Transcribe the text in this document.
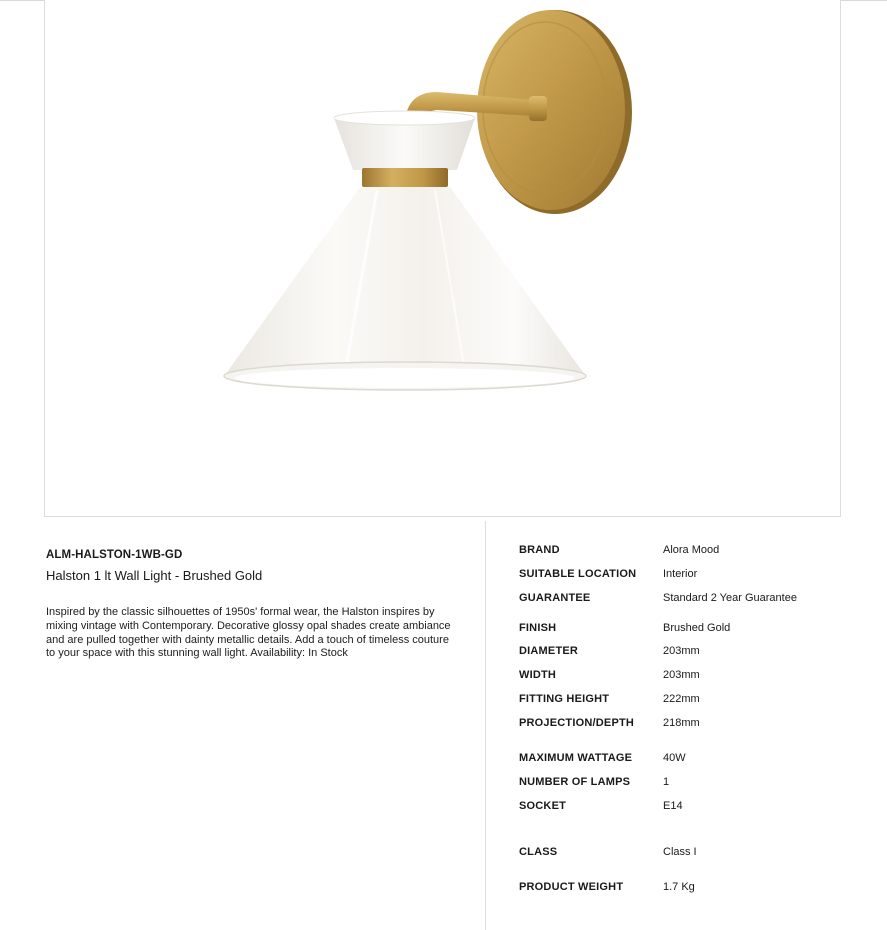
ALM-HALSTON-1WB-GD

Halston 1 lt Wall Light - Brushed Gold

Inspired by the classic silhouettes of 1950s' formal wear, the Halston inspires by mixing vintage with Contemporary. Decorative glossy opal shades create ambiance and are pulled together with dainty metallic details. Add a touch of timeless couture to your space with this stunning wall light. Availability: In Stock

BRAND	Alora Mood
SUITABLE LOCATION Interior
GUARANTEE	Standard 2 Year Guarantee
FINISH	Brushed Gold
DIAMETER	203mm
WIDTH	203mm
FITTING HEIGHT	222mm
PROJECTION/DEPTH	218mm
MAXIMUM WATTAGE	40W
NUMBER OF LAMPS	1
SOCKET	E14
CLASS	Class I
PRODUCT WEIGHT	1.7 Kg
